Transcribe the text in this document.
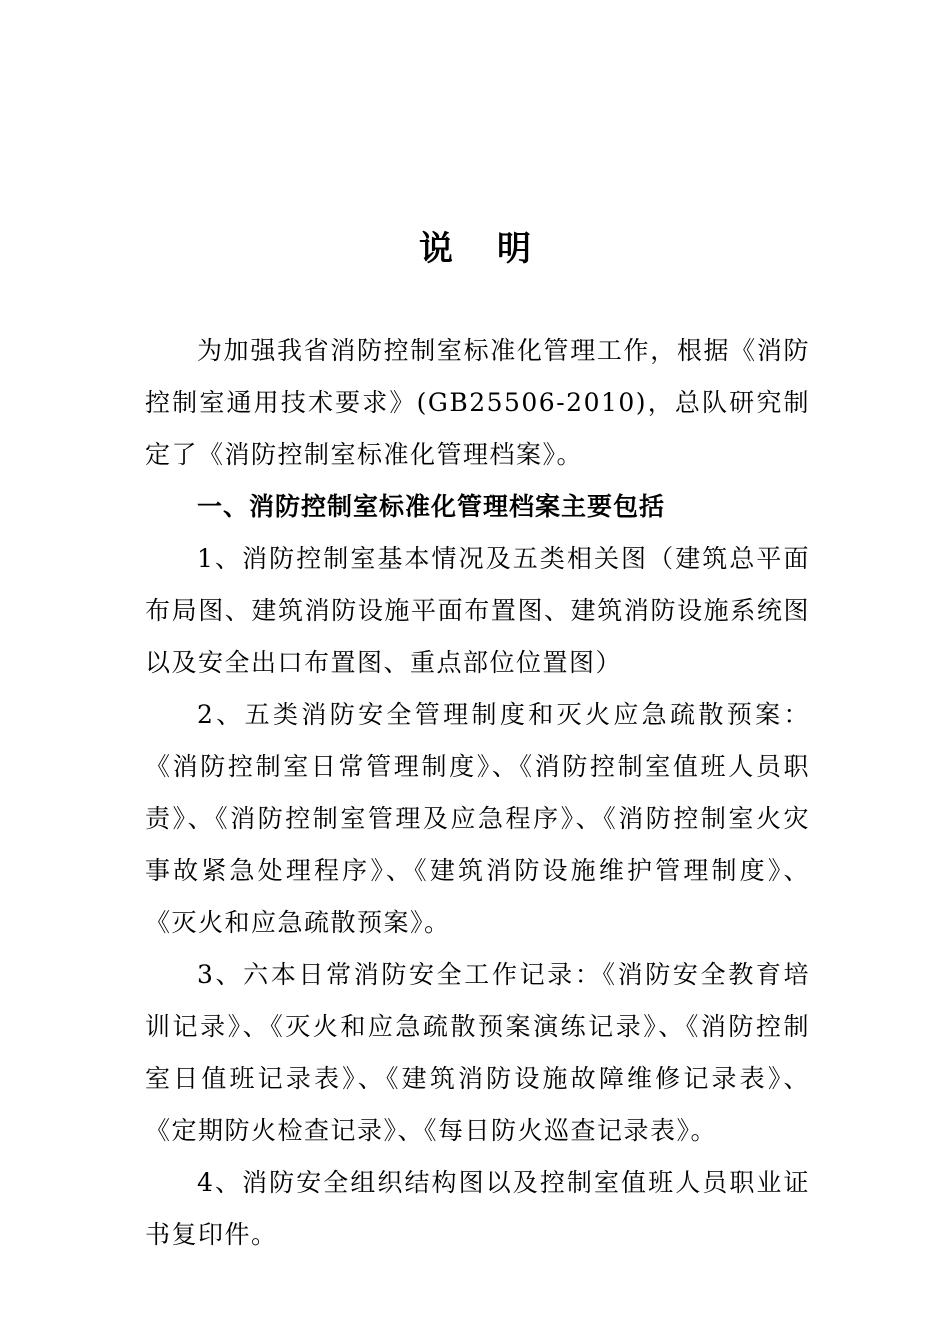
说 明

为加强我省消防控制室标准化管理工作，根据《消防控制室通用技术要求》(GB25506-2010)，总队研究制定了《消防控制室标准化管理档案》。

一、消防控制室标准化管理档案主要包括

1、消防控制室基本情况及五类相关图（建筑总平面布局图、建筑消防设施平面布置图、建筑消防设施系统图以及安全出口布置图、重点部位位置图）

2、五类消防安全管理制度和灭火应急疏散预案：《消防控制室日常管理制度》、《消防控制室值班人员职责》、《消防控制室管理及应急程序》、《消防控制室火灾事故紧急处理程序》、《建筑消防设施维护管理制度》、《灭火和应急疏散预案》。

3、六本日常消防安全工作记录：《消防安全教育培训记录》、《灭火和应急疏散预案演练记录》、《消防控制室日值班记录表》、《建筑消防设施故障维修记录表》、《定期防火检查记录》、《每日防火巡查记录表》。

4、消防安全组织结构图以及控制室值班人员职业证书复印件。
